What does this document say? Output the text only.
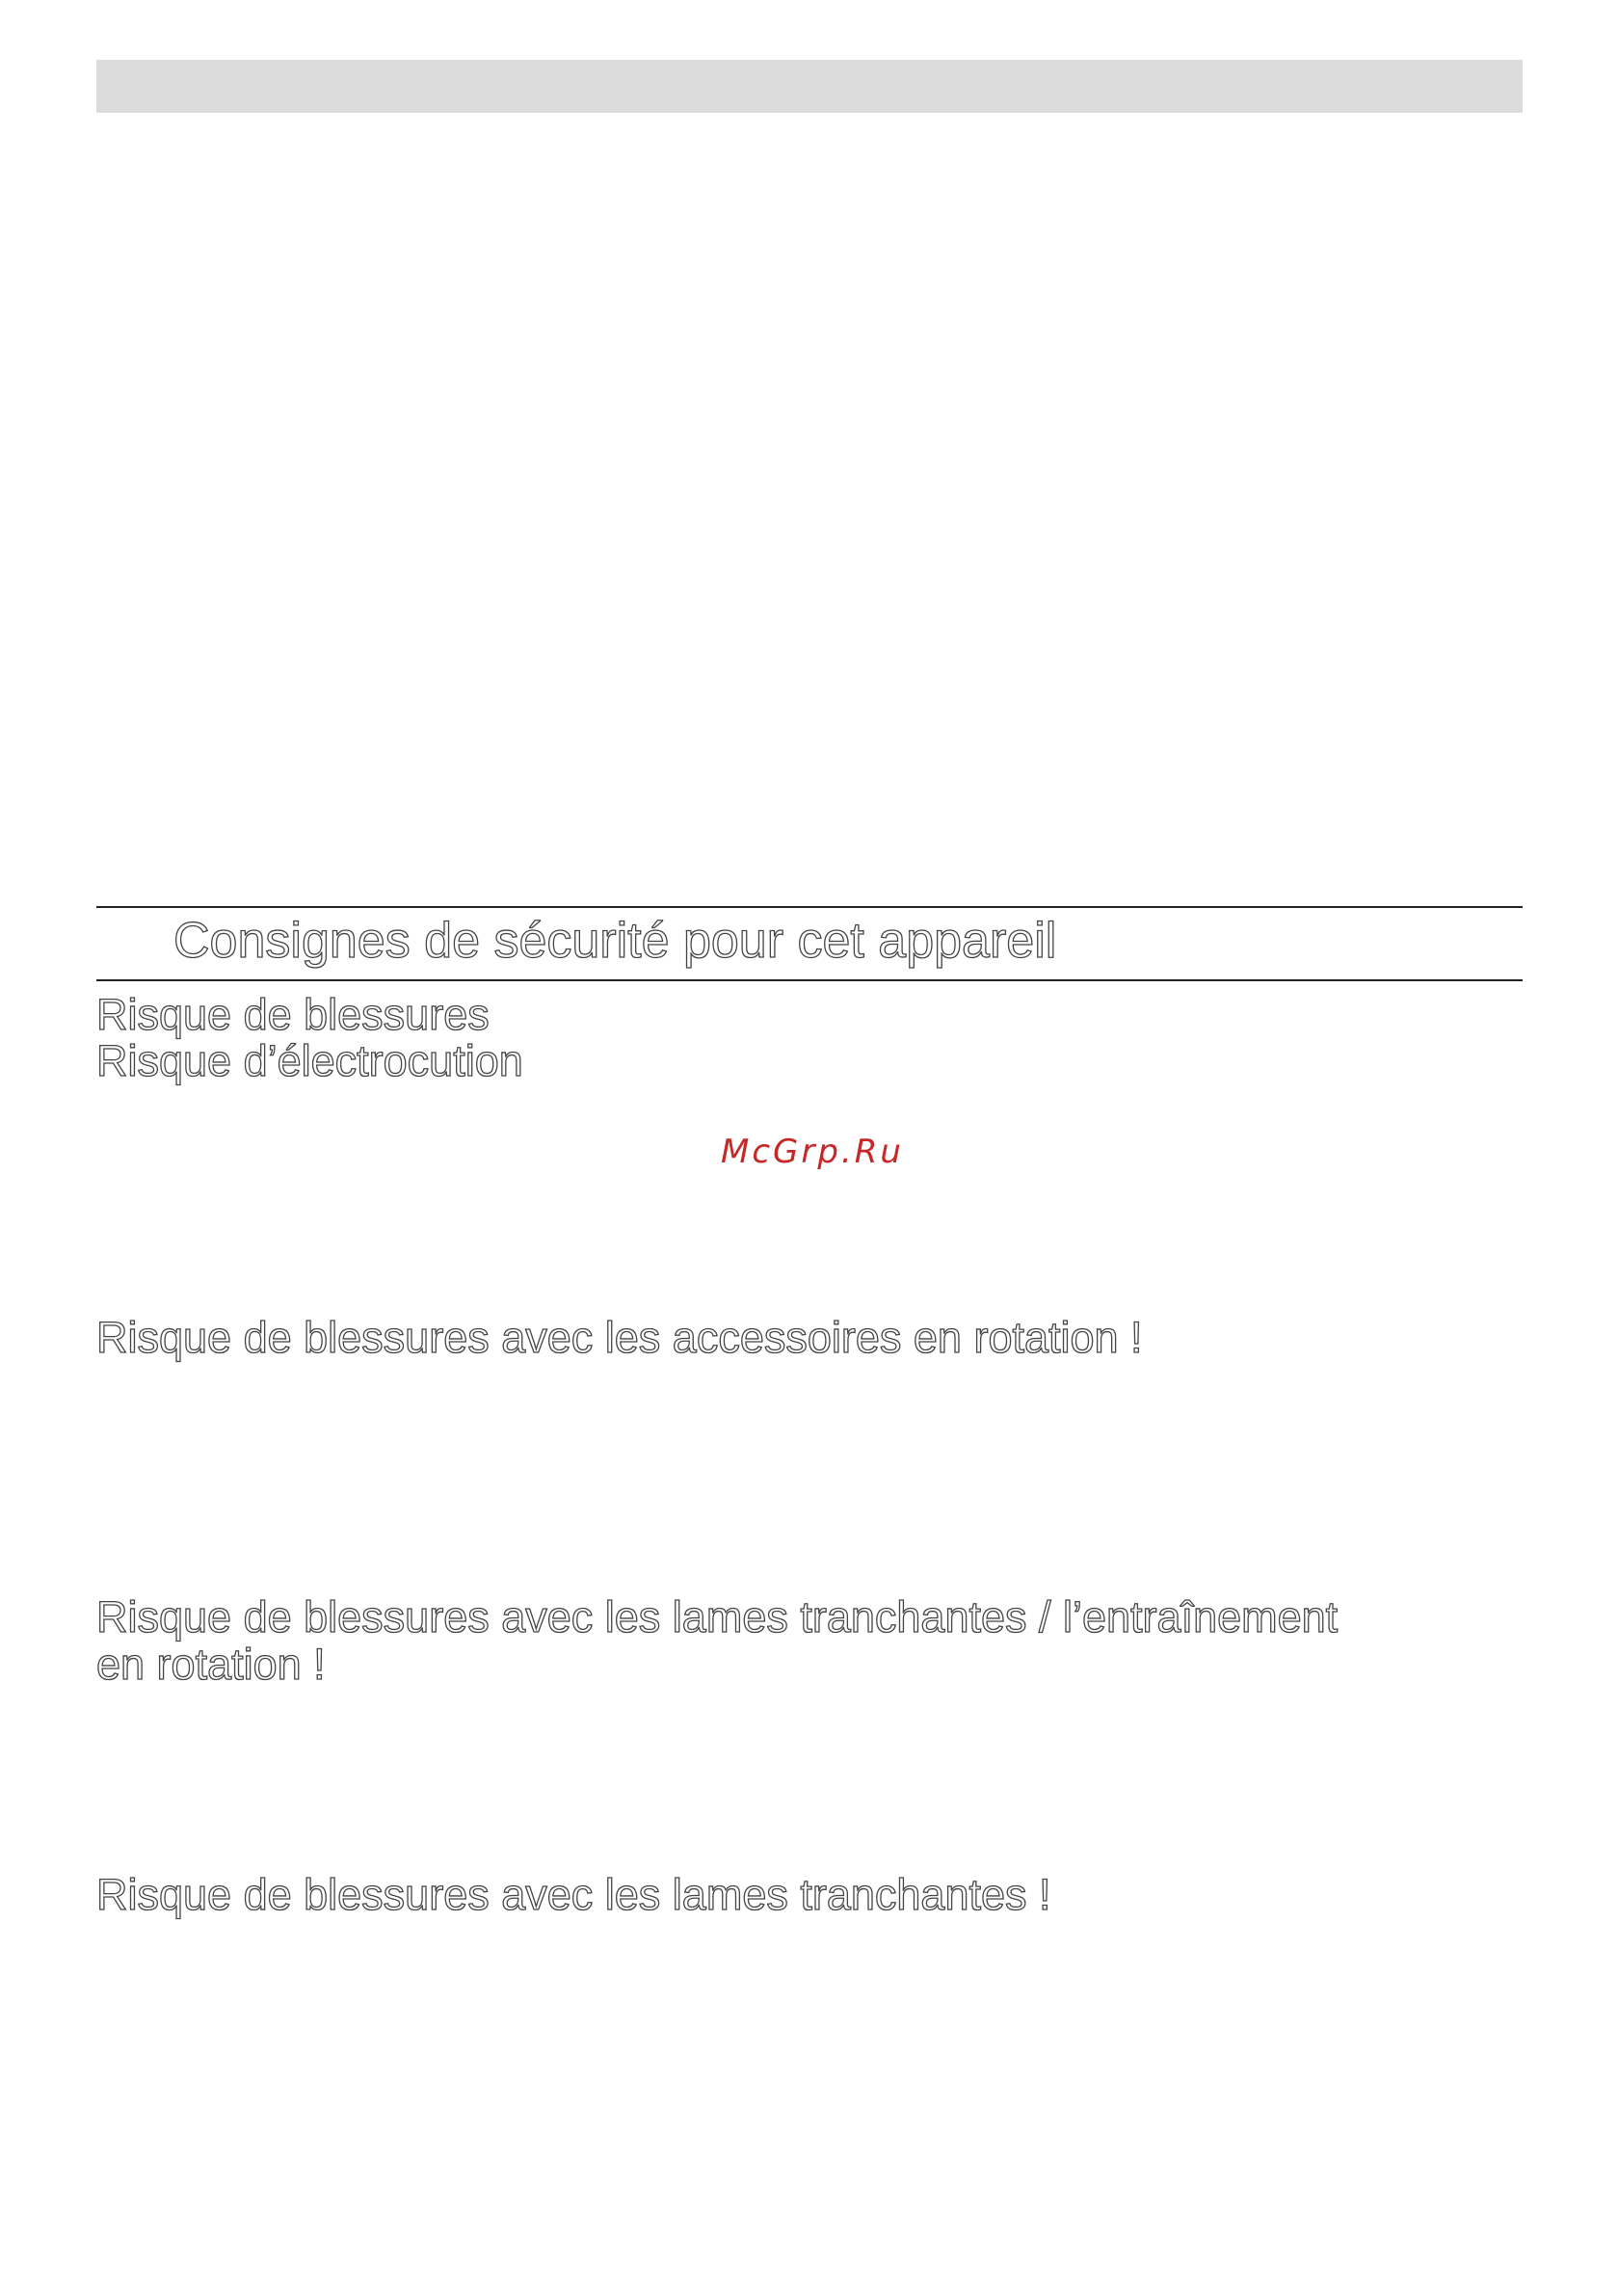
Consignes de sécurité pour cet appareil

Risque de blessures

Risque d’électrocution

McGrp.Ru

Risque de blessures avec les accessoires en rotation !

Risque de blessures avec les lames tranchantes / l’entraînement

en rotation !

Risque de blessures avec les lames tranchantes !
